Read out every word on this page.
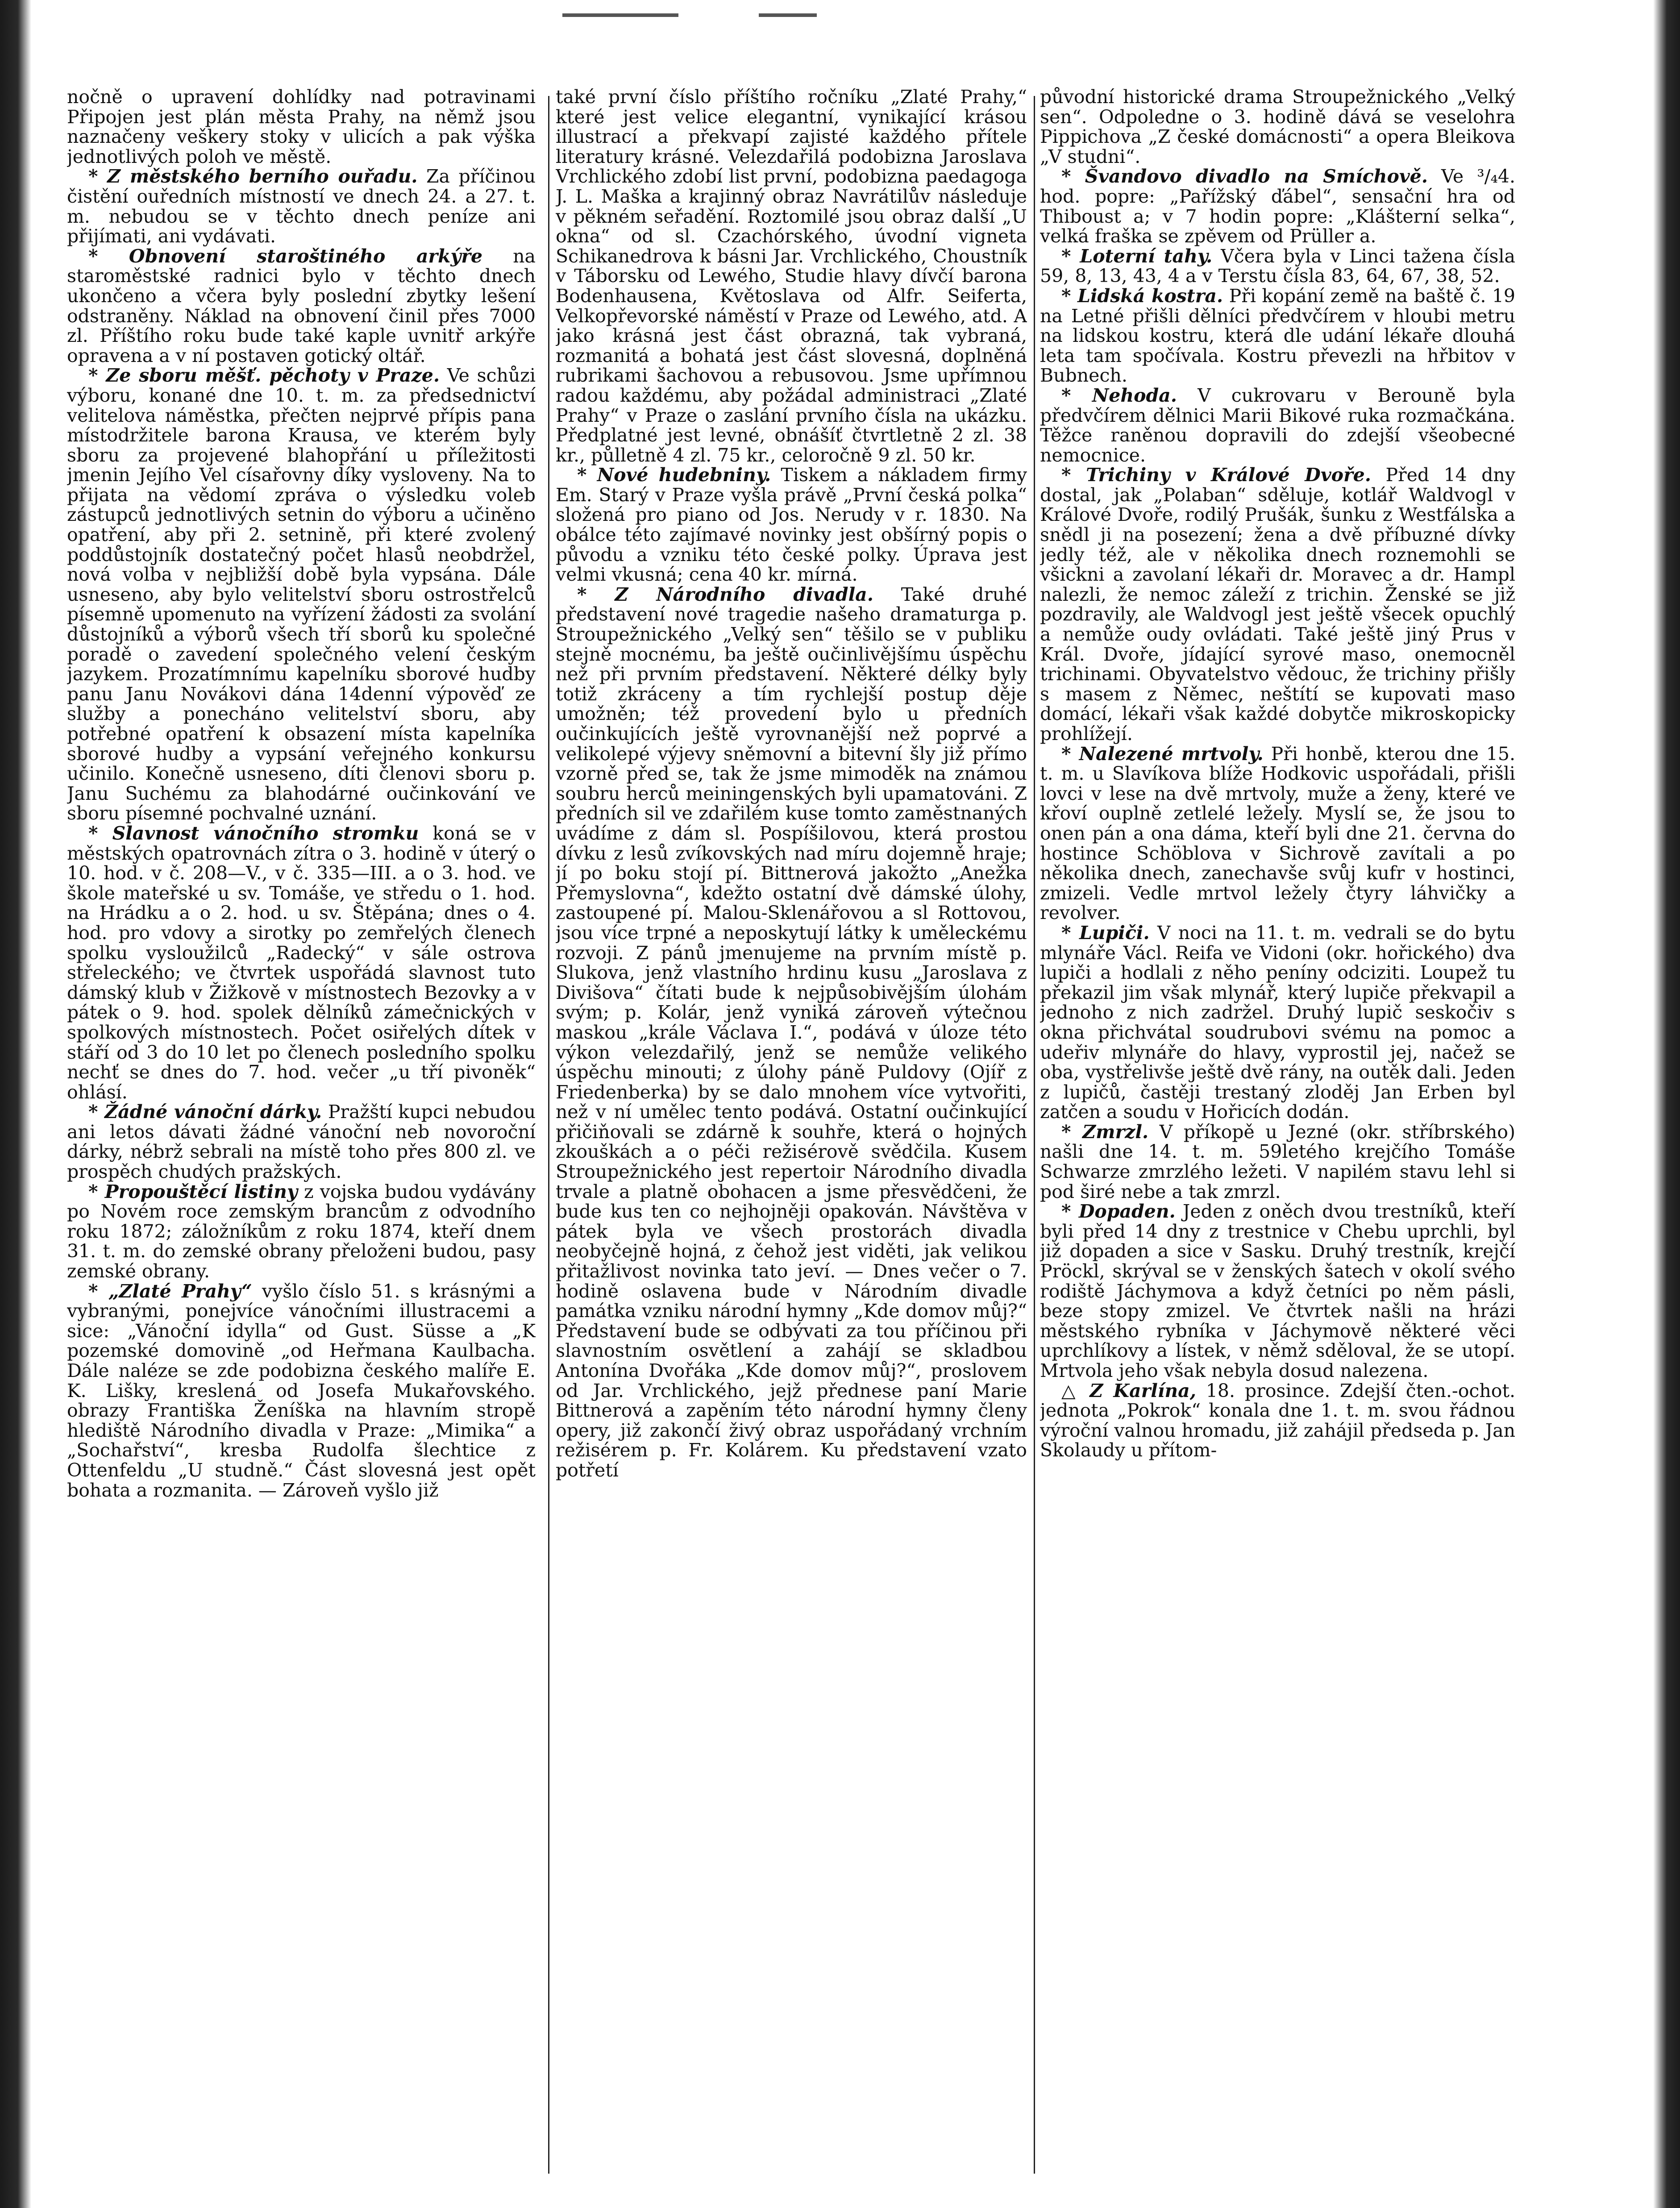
nočně o upravení dohlídky nad potravinami Připojen jest plán města Prahy, na němž jsou naznačeny veškery stoky v ulicích a pak výška jednotlivých poloh ve městě.

* Z městského berního ouřadu. Za příčinou čistění ouředních místností ve dnech 24. a 27. t. m. nebudou se v těchto dnech peníze ani přijímati, ani vydávati.

* Obnovení staroštiného arkýře na staroměstské radnici bylo v těchto dnech ukončeno a včera byly poslední zbytky lešení odstraněny. Náklad na obnovení činil přes 7000 zl. Příštího roku bude také kaple uvnitř arkýře opravena a v ní postaven gotický oltář.

* Ze sboru měšť. pěchoty v Praze. Ve schůzi výboru, konané dne 10. t. m. za předsednictví velitelova náměstka, přečten nejprvé přípis pana místodržitele barona Krausa, ve kterém byly sboru za projevené blahopřání u příležitosti jmenin Jejího Vel císařovny díky vysloveny. Na to přijata na vědomí zpráva o výsledku voleb zástupců jednotlivých setnin do výboru a učiněno opatření, aby při 2. setnině, při které zvolený poddůstojník dostatečný počet hlasů neobdržel, nová volba v nejbližší době byla vypsána. Dále usneseno, aby bylo velitelství sboru ostrostřelců písemně upomenuto na vyřízení žádosti za svolání důstojníků a výborů všech tří sborů ku společné poradě o zavedení společného velení českým jazykem. Prozatímnímu kapelníku sborové hudby panu Janu Novákovi dána 14denní výpověď ze služby a ponecháno velitelství sboru, aby potřebné opatření k obsazení místa kapelníka sborové hudby a vypsání veřejného konkursu učinilo. Konečně usneseno, díti členovi sboru p. Janu Suchému za blahodárné oučinkování ve sboru písemné pochvalné uznání.

* Slavnost vánočního stromku koná se v městských opatrovnách zítra o 3. hodině v úterý o 10. hod. v č. 208—V., v č. 335—III. a o 3. hod. ve škole mateřské u sv. Tomáše, ve středu o 1. hod. na Hrádku a o 2. hod. u sv. Štěpána; dnes o 4. hod. pro vdovy a sirotky po zemřelých členech spolku vysloužilců „Radecký“ v sále ostrova střeleckého; ve čtvrtek uspořádá slavnost tuto dámský klub v Žižkově v místnostech Bezovky a v pátek o 9. hod. spolek dělníků zámečnických v spolkových místnostech. Počet osiřelých dítek v stáří od 3 do 10 let po členech posledního spolku nechť se dnes do 7. hod. večer „u tří pivoněk“ ohlásí.

* Žádné vánoční dárky. Pražští kupci nebudou ani letos dávati žádné vánoční neb novoroční dárky, nébrž sebrali na místě toho přes 800 zl. ve prospěch chudých pražských.

* Propouštěcí listiny z vojska budou vydávány po Novém roce zemským brancům z odvodního roku 1872; záložníkům z roku 1874, kteří dnem 31. t. m. do zemské obrany přeloženi budou, pasy zemské obrany.

* „Zlaté Prahy“ vyšlo číslo 51. s krásnými a vybranými, ponejvíce vánočními illustracemi a sice: „Vánoční idylla“ od Gust. Süsse a „K pozemské domovině „od Heřmana Kaulbacha. Dále naléze se zde podobizna českého malíře E. K. Lišky, kreslená od Josefa Mukařovského. obrazy Františka Ženíška na hlavním stropě hlediště Národního divadla v Praze: „Mimika“ a „Sochařství“, kresba Rudolfa šlechtice z Ottenfeldu „U studně.“ Část slovesná jest opět bohata a rozmanita. — Zároveň vyšlo již

také první číslo příštího ročníku „Zlaté Prahy,“ které jest velice elegantní, vynikající krásou illustrací a překvapí zajisté každého přítele literatury krásné. Velezdařilá podobizna Jaroslava Vrchlického zdobí list první, podobizna paedagoga J. L. Maška a krajinný obraz Navrátilův následuje v pěkném seřadění. Roztomilé jsou obraz další „U okna“ od sl. Czachórského, úvodní vigneta Schikanedrova k básni Jar. Vrchlického, Choustník v Táborsku od Lewého, Studie hlavy dívčí barona Bodenhausena, Květoslava od Alfr. Seiferta, Velkopřevorské náměstí v Praze od Lewého, atd. A jako krásná jest část obrazná, tak vybraná, rozmanitá a bohatá jest část slovesná, doplněná rubrikami šachovou a rebusovou. Jsme upřímnou radou každému, aby požádal administraci „Zlaté Prahy“ v Praze o zaslání prvního čísla na ukázku. Předplatné jest levné, obnášíť čtvrtletně 2 zl. 38 kr., půlletně 4 zl. 75 kr., celoročně 9 zl. 50 kr.

* Nové hudebniny. Tiskem a nákladem firmy Em. Starý v Praze vyšla právě „První česká polka“ složená pro piano od Jos. Nerudy v r. 1830. Na obálce této zajímavé novinky jest obšírný popis o původu a vzniku této české polky. Úprava jest velmi vkusná; cena 40 kr. mírná.

* Z Národního divadla. Také druhé představení nové tragedie našeho dramaturga p. Stroupežnického „Velký sen“ těšilo se v publiku stejně mocnému, ba ještě oučinlivějšímu úspěchu než při prvním představení. Některé délky byly totiž zkráceny a tím rychlejší postup děje umožněn; též provedení bylo u předních oučinkujících ještě vyrovnanější než poprvé a velikolepé výjevy sněmovní a bitevní šly již přímo vzorně před se, tak že jsme mimoděk na známou soubru herců meiningenských byli upamatováni. Z předních sil ve zdařilém kuse tomto zaměstnaných uvádíme z dám sl. Pospíšilovou, která prostou dívku z lesů zvíkovských nad míru dojemně hraje; jí po boku stojí pí. Bittnerová jakožto „Anežka Přemyslovna“, kdežto ostatní dvě dámské úlohy, zastoupené pí. Malou-Sklenářovou a sl Rottovou, jsou více trpné a neposkytují látky k uměleckému rozvoji. Z pánů jmenujeme na prvním místě p. Slukova, jenž vlastního hrdinu kusu „Jaroslava z Divišova“ čítati bude k nejpůsobivějším úlohám svým; p. Kolár, jenž vyniká zároveň výtečnou maskou „krále Václava I.“, podává v úloze této výkon velezdařilý, jenž se nemůže velikého úspěchu minouti; z úlohy páně Puldovy (Ojíř z Friedenberka) by se dalo mnohem více vytvořiti, než v ní umělec tento podává. Ostatní oučinkující přičiňovali se zdárně k souhře, která o hojných zkouškách a o péči režisérově svědčila. Kusem Stroupežnického jest repertoir Národního divadla trvale a platně obohacen a jsme přesvědčeni, že bude kus ten co nejhojněji opakován. Návštěva v pátek byla ve všech prostorách divadla neobyčejně hojná, z čehož jest viděti, jak velikou přitažlivost novinka tato jeví. — Dnes večer o 7. hodině oslavena bude v Národním divadle památka vzniku národní hymny „Kde domov můj?“ Představení bude se odbývati za tou příčinou při slavnostním osvětlení a zahájí se skladbou Antonína Dvořáka „Kde domov můj?“, proslovem od Jar. Vrchlického, jejž přednese paní Marie Bittnerová a zapěním této národní hymny členy opery, již zakončí živý obraz uspořádaný vrchním režisérem p. Fr. Kolárem. Ku představení vzato potřetí

původní historické drama Stroupežnického „Velký sen“. Odpoledne o 3. hodině dává se veselohra Pippichova „Z české domácnosti“ a opera Bleikova „V studni“.

* Švandovo divadlo na Smíchově. Ve ³/₄4. hod. popre: „Pařížský ďábel“, sensační hra od Thiboust a; v 7 hodin popre: „Klášterní selka“, velká fraška se zpěvem od Prüller a.

* Loterní tahy. Včera byla v Linci tažena čísla 59, 8, 13, 43, 4 a v Terstu čísla 83, 64, 67, 38, 52.

* Lidská kostra. Při kopání země na baště č. 19 na Letné přišli dělníci předvčírem v hloubi metru na lidskou kostru, která dle udání lékaře dlouhá leta tam spočívala. Kostru převezli na hřbitov v Bubnech.

* Nehoda. V cukrovaru v Berouně byla předvčírem dělnici Marii Bikové ruka rozmačkána. Těžce raněnou dopravili do zdejší všeobecné nemocnice.

* Trichiny v Králové Dvoře. Před 14 dny dostal, jak „Polaban“ sděluje, kotlář Waldvogl v Králové Dvoře, rodilý Prušák, šunku z Westfálska a snědl ji na posezení; žena a dvě příbuzné dívky jedly též, ale v několika dnech roznemohli se všickni a zavolaní lékaři dr. Moravec a dr. Hampl nalezli, že nemoc záleží z trichin. Ženské se již pozdravily, ale Waldvogl jest ještě všecek opuchlý a nemůže oudy ovládati. Také ještě jiný Prus v Král. Dvoře, jídající syrové maso, onemocněl trichinami. Obyvatelstvo vědouc, že trichiny přišly s masem z Němec, neštítí se kupovati maso domácí, lékaři však každé dobytče mikroskopicky prohlížejí.

* Nalezené mrtvoly. Při honbě, kterou dne 15. t. m. u Slavíkova blíže Hodkovic uspořádali, přišli lovci v lese na dvě mrtvoly, muže a ženy, které ve křoví ouplně zetlelé ležely. Myslí se, že jsou to onen pán a ona dáma, kteří byli dne 21. června do hostince Schöblova v Sichrově zavítali a po několika dnech, zanechavše svůj kufr v hostinci, zmizeli. Vedle mrtvol ležely čtyry láhvičky a revolver.

* Lupiči. V noci na 11. t. m. vedrali se do bytu mlynáře Václ. Reifa ve Vidoni (okr. hořického) dva lupiči a hodlali z něho peníny odciziti. Loupež tu překazil jim však mlynář, který lupiče překvapil a jednoho z nich zadržel. Druhý lupič seskočiv s okna přichvátal soudrubovi svému na pomoc a udeřiv mlynáře do hlavy, vyprostil jej, načež se oba, vystřelivše ještě dvě rány, na outěk dali. Jeden z lupičů, častěji trestaný zloděj Jan Erben byl zatčen a soudu v Hořicích dodán.

* Zmrzl. V příkopě u Jezné (okr. stříbrského) našli dne 14. t. m. 59letého krejčího Tomáše Schwarze zmrzlého ležeti. V napilém stavu lehl si pod širé nebe a tak zmrzl.

* Dopaden. Jeden z oněch dvou trestníků, kteří byli před 14 dny z trestnice v Chebu uprchli, byl již dopaden a sice v Sasku. Druhý trestník, krejčí Pröckl, skrýval se v ženských šatech v okolí svého rodiště Jáchymova a když četníci po něm pásli, beze stopy zmizel. Ve čtvrtek našli na hrázi městského rybníka v Jáchymově některé věci uprchlíkovy a lístek, v němž sděloval, že se utopí. Mrtvola jeho však nebyla dosud nalezena.

△ Z Karlína, 18. prosince. Zdejší čten.-ochot. jednota „Pokrok“ konala dne 1. t. m. svou řádnou výroční valnou hromadu, již zahájil předseda p. Jan Skolaudy u přítom-
